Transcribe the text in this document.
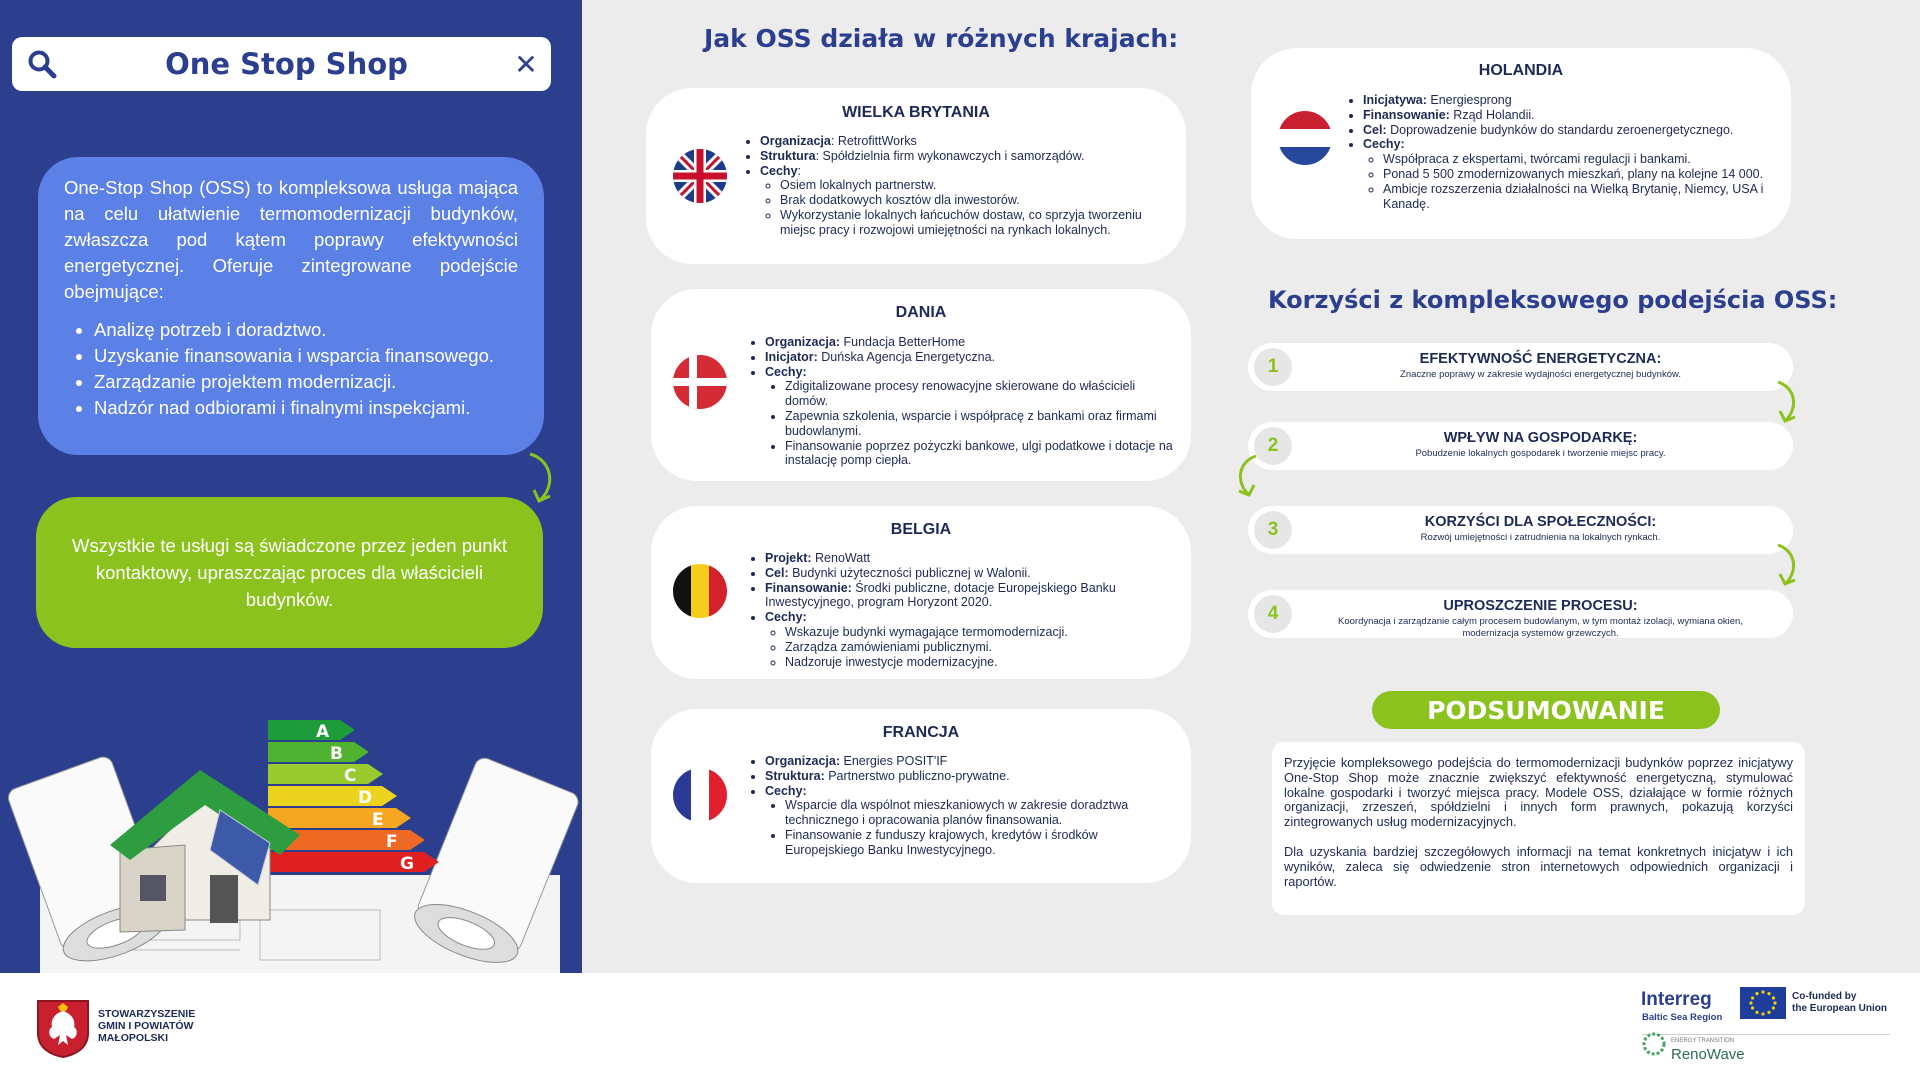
One Stop Shop	✕

One-Stop Shop (OSS) to kompleksowa usługa mająca na celu ułatwienie termomodernizacji budynków, zwłaszcza pod kątem poprawy efektywności energetycznej. Oferuje zintegrowane podejście obejmujące:

• Analizę potrzeb i doradztwo.
• Uzyskanie finansowania i wsparcia finansowego.
• Zarządzanie projektem modernizacji.
• Nadzór nad odbiorami i finalnymi inspekcjami.
Wszystkie te usługi są świadczone przez jeden punkt kontaktowy, upraszczając proces dla właścicieli budynków.
A
B
C
D
E
F
G
Jak OSS działa w różnych krajach:
WIELKA BRYTANIA
• Organizacja: RetrofittWorks
• Struktura: Spółdzielnia firm wykonawczych i samorządów.
• Cechy:
◦ Osiem lokalnych partnerstw.
◦ Brak dodatkowych kosztów dla inwestorów.
◦ Wykorzystanie lokalnych łańcuchów dostaw, co sprzyja tworzeniu miejsc pracy i rozwojowi umiejętności na rynkach lokalnych.
DANIA
• Organizacja: Fundacja BetterHome
• Inicjator: Duńska Agencja Energetyczna.
• Cechy:
• Zdigitalizowane procesy renowacyjne skierowane do właścicieli domów.
• Zapewnia szkolenia, wsparcie i współpracę z bankami oraz firmami budowlanymi.
• Finansowanie poprzez pożyczki bankowe, ulgi podatkowe i dotacje na instalację pomp ciepła.
BELGIA
• Projekt: RenoWatt
• Cel: Budynki użyteczności publicznej w Walonii.
• Finansowanie: Środki publiczne, dotacje Europejskiego Banku Inwestycyjnego, program Horyzont 2020.
• Cechy:
◦ Wskazuje budynki wymagające termomodernizacji.
◦ Zarządza zamówieniami publicznymi.
◦ Nadzoruje inwestycje modernizacyjne.
FRANCJA
• Organizacja: Energies POSIT'IF
• Struktura: Partnerstwo publiczno-prywatne.
• Cechy:
• Wsparcie dla wspólnot mieszkaniowych w zakresie doradztwa technicznego i opracowania planów finansowania.
• Finansowanie z funduszy krajowych, kredytów i środków Europejskiego Banku Inwestycyjnego.
HOLANDIA
• Inicjatywa: Energiesprong
• Finansowanie: Rząd Holandii.
• Cel: Doprowadzenie budynków do standardu zeroenergetycznego.
• Cechy:
◦ Współpraca z ekspertami, twórcami regulacji i bankami.
◦ Ponad 5 500 zmodernizowanych mieszkań, plany na kolejne 14 000.
◦ Ambicje rozszerzenia działalności na Wielką Brytanię, Niemcy, USA i Kanadę.
Korzyści z kompleksowego podejścia OSS:
1	EFEKTYWNOŚĆ ENERGETYCZNA:
Znaczne poprawy w zakresie wydajności energetycznej budynków.
2	WPŁYW NA GOSPODARKĘ:
Pobudzenie lokalnych gospodarek i tworzenie miejsc pracy.
3	KORZYŚCI DLA SPOŁECZNOŚCI:
Rozwój umiejętności i zatrudnienia na lokalnych rynkach.
4	UPROSZCZENIE PROCESU:
Koordynacja i zarządzanie całym procesem budowlanym, w tym montaż izolacji, wymiana okien, modernizacja systemów grzewczych.
PODSUMOWANIE

Przyjęcie kompleksowego podejścia do termomodernizacji budynków poprzez inicjatywy One-Stop Shop może znacznie zwiększyć efektywność energetyczną, stymulować lokalne gospodarki i tworzyć miejsca pracy. Modele OSS, działające w formie różnych organizacji, zrzeszeń, spółdzielni i innych form prawnych, pokazują korzyści zintegrowanych usług modernizacyjnych.

Dla uzyskania bardziej szczegółowych informacji na temat konkretnych inicjatyw i ich wyników, zaleca się odwiedzenie stron internetowych odpowiednich organizacji i raportów.

STOWARZYSZENIE
GMIN I POWIATÓW
MAŁOPOLSKI
Interreg
Baltic Sea Region
Co-funded by
the European Union
ENERGY TRANSITION
RenoWave
